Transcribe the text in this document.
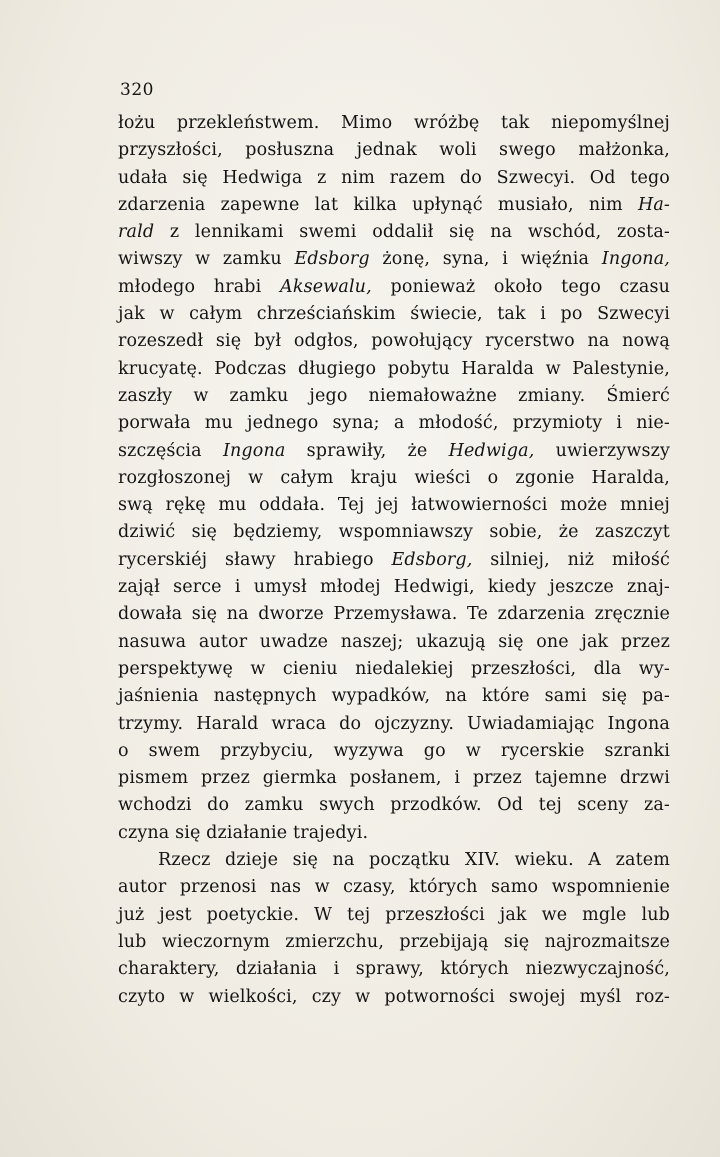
320
łożu przekleństwem. Mimo wróżbę tak niepomyślnej
przyszłości, posłuszna jednak woli swego małżonka,
udała się Hedwiga z nim razem do Szwecyi. Od tego
zdarzenia zapewne lat kilka upłynąć musiało, nim Ha-
rald z lennikami swemi oddalił się na wschód, zosta-
wiwszy w zamku Edsborg żonę, syna, i więźnia Ingona,
młodego hrabi Aksewalu, ponieważ około tego czasu
jak w całym chrześciańskim świecie, tak i po Szwecyi
rozeszedł się był odgłos, powołujący rycerstwo na nową
krucyatę. Podczas długiego pobytu Haralda w Palestynie,
zaszły w zamku jego niemałoważne zmiany. Śmierć
porwała mu jednego syna; a młodość, przymioty i nie-
szczęścia Ingona sprawiły, że Hedwiga, uwierzywszy
rozgłoszonej w całym kraju wieści o zgonie Haralda,
swą rękę mu oddała. Tej jej łatwowierności może mniej
dziwić się będziemy, wspomniawszy sobie, że zaszczyt
rycerskiéj sławy hrabiego Edsborg, silniej, niż miłość
zajął serce i umysł młodej Hedwigi, kiedy jeszcze znaj-
dowała się na dworze Przemysława. Te zdarzenia zręcznie
nasuwa autor uwadze naszej; ukazują się one jak przez
perspektywę w cieniu niedalekiej przeszłości, dla wy-
jaśnienia następnych wypadków, na które sami się pa-
trzymy. Harald wraca do ojczyzny. Uwiadamiając Ingona
o swem przybyciu, wyzywa go w rycerskie szranki
pismem przez giermka posłanem, i przez tajemne drzwi
wchodzi do zamku swych przodków. Od tej sceny za-
czyna się działanie trajedyi.
Rzecz dzieje się na początku XIV. wieku. A zatem
autor przenosi nas w czasy, których samo wspomnienie
już jest poetyckie. W tej przeszłości jak we mgle lub
lub wieczornym zmierzchu, przebijają się najrozmaitsze
charaktery, działania i sprawy, których niezwyczajność,
czyto w wielkości, czy w potworności swojej myśl roz-
